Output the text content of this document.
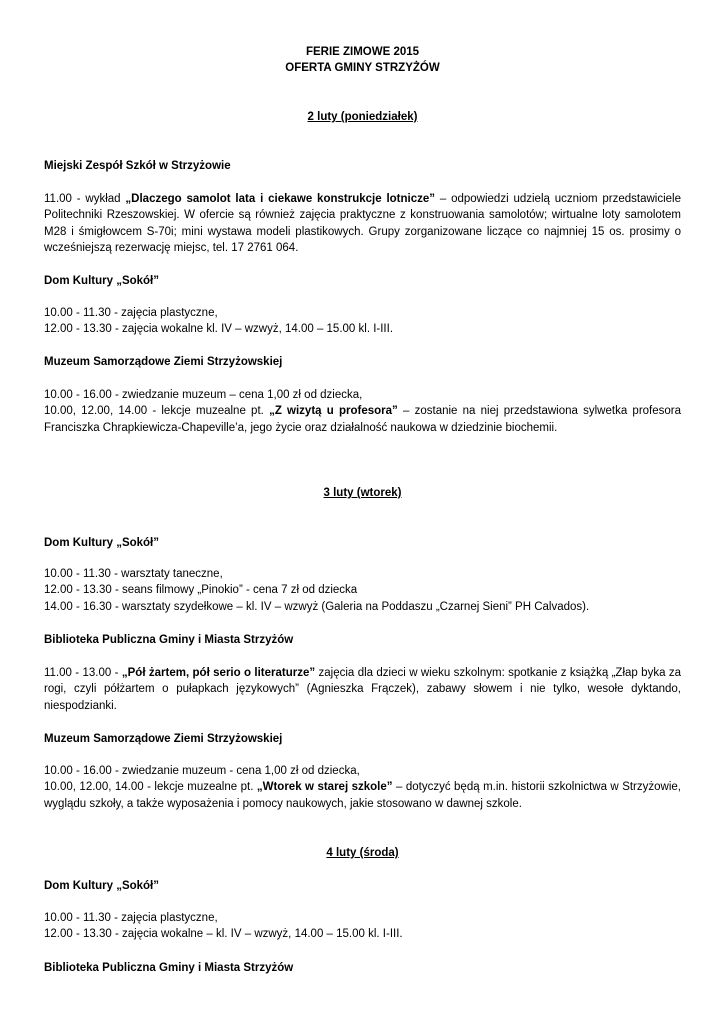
FERIE ZIMOWE 2015

OFERTA GMINY STRZYŻÓW

2 luty (poniedziałek)
Miejski Zespół Szkół w Strzyżowie
11.00 - wykład „Dlaczego samolot lata i ciekawe konstrukcje lotnicze” – odpowiedzi udzielą uczniom przedstawiciele Politechniki Rzeszowskiej. W ofercie są również zajęcia praktyczne z konstruowania samolotów; wirtualne loty samolotem M28 i śmigłowcem S-70i; mini wystawa modeli plastikowych. Grupy zorganizowane liczące co najmniej 15 os. prosimy o wcześniejszą rezerwację miejsc, tel. 17 2761 064.
Dom Kultury „Sokół”

10.00 - 11.30 - zajęcia plastyczne,

12.00 - 13.30 - zajęcia wokalne kl. IV – wzwyż, 14.00 – 15.00 kl. I-III.

Muzeum Samorządowe Ziemi Strzyżowskiej

10.00 - 16.00 - zwiedzanie muzeum – cena 1,00 zł od dziecka,

10.00, 12.00, 14.00 - lekcje muzealne pt. „Z wizytą u profesora” – zostanie na niej przedstawiona sylwetka profesora Franciszka Chrapkiewicza-Chapeville’a, jego życie oraz działalność naukowa w dziedzinie biochemii.

3 luty (wtorek)
Dom Kultury „Sokół”

10.00 - 11.30 - warsztaty taneczne,

12.00 - 13.30 - seans filmowy „Pinokio” - cena 7 zł od dziecka

14.00 - 16.30 - warsztaty szydełkowe – kl. IV – wzwyż (Galeria na Poddaszu „Czarnej Sieni” PH Calvados).

Biblioteka Publiczna Gminy i Miasta Strzyżów
11.00 - 13.00 - „Pół żartem, pół serio o literaturze” zajęcia dla dzieci w wieku szkolnym: spotkanie z książką „Złap byka za rogi, czyli półżartem o pułapkach językowych” (Agnieszka Frączek), zabawy słowem i nie tylko, wesołe dyktando, niespodzianki.
Muzeum Samorządowe Ziemi Strzyżowskiej

10.00 - 16.00 - zwiedzanie muzeum - cena 1,00 zł od dziecka,

10.00, 12.00, 14.00 - lekcje muzealne pt. „Wtorek w starej szkole” – dotyczyć będą m.in. historii szkolnictwa w Strzyżowie, wyglądu szkoły, a także wyposażenia i pomocy naukowych, jakie stosowano w dawnej szkole.

4 luty (środa)
Dom Kultury „Sokół”

10.00 - 11.30 - zajęcia plastyczne,

12.00 - 13.30 - zajęcia wokalne – kl. IV – wzwyż, 14.00 – 15.00 kl. I-III.

Biblioteka Publiczna Gminy i Miasta Strzyżów
